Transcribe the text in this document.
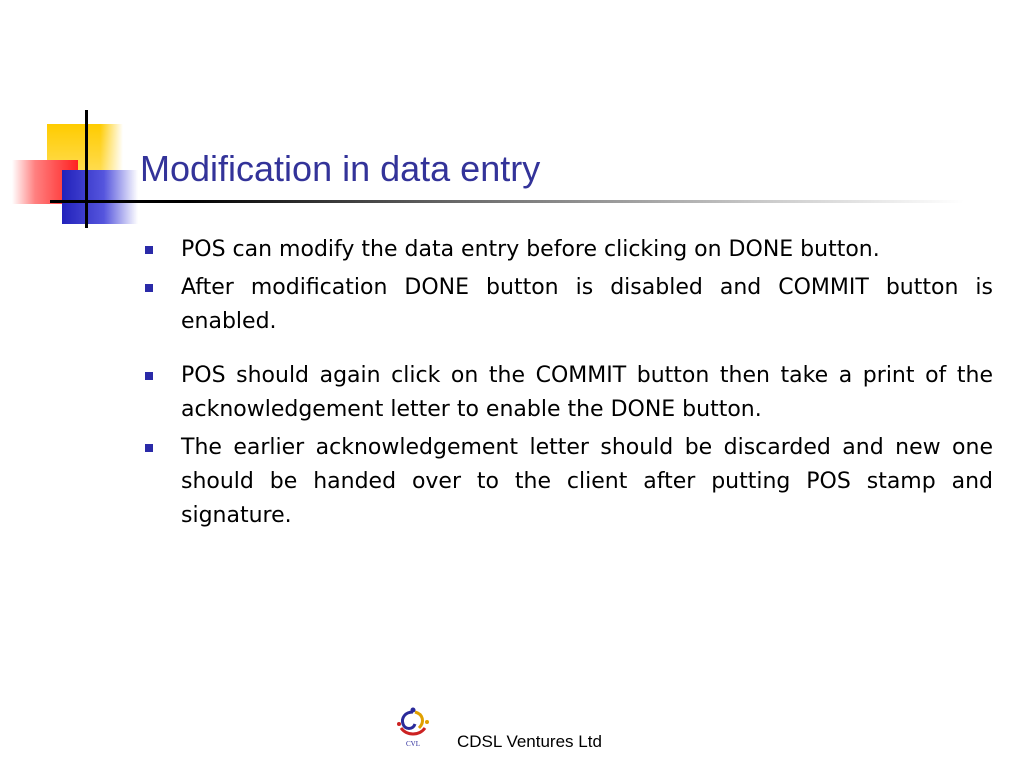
Modification in data entry
POS can modify the data entry before clicking on DONE button.
After modification DONE button is disabled and COMMIT button is enabled.
POS should again click on the COMMIT button then take a print of the acknowledgement letter to enable the DONE button.
The earlier acknowledgement letter should be discarded and new one should be handed over to the client after putting POS stamp and signature.
CVL CDSL Ventures Ltd
